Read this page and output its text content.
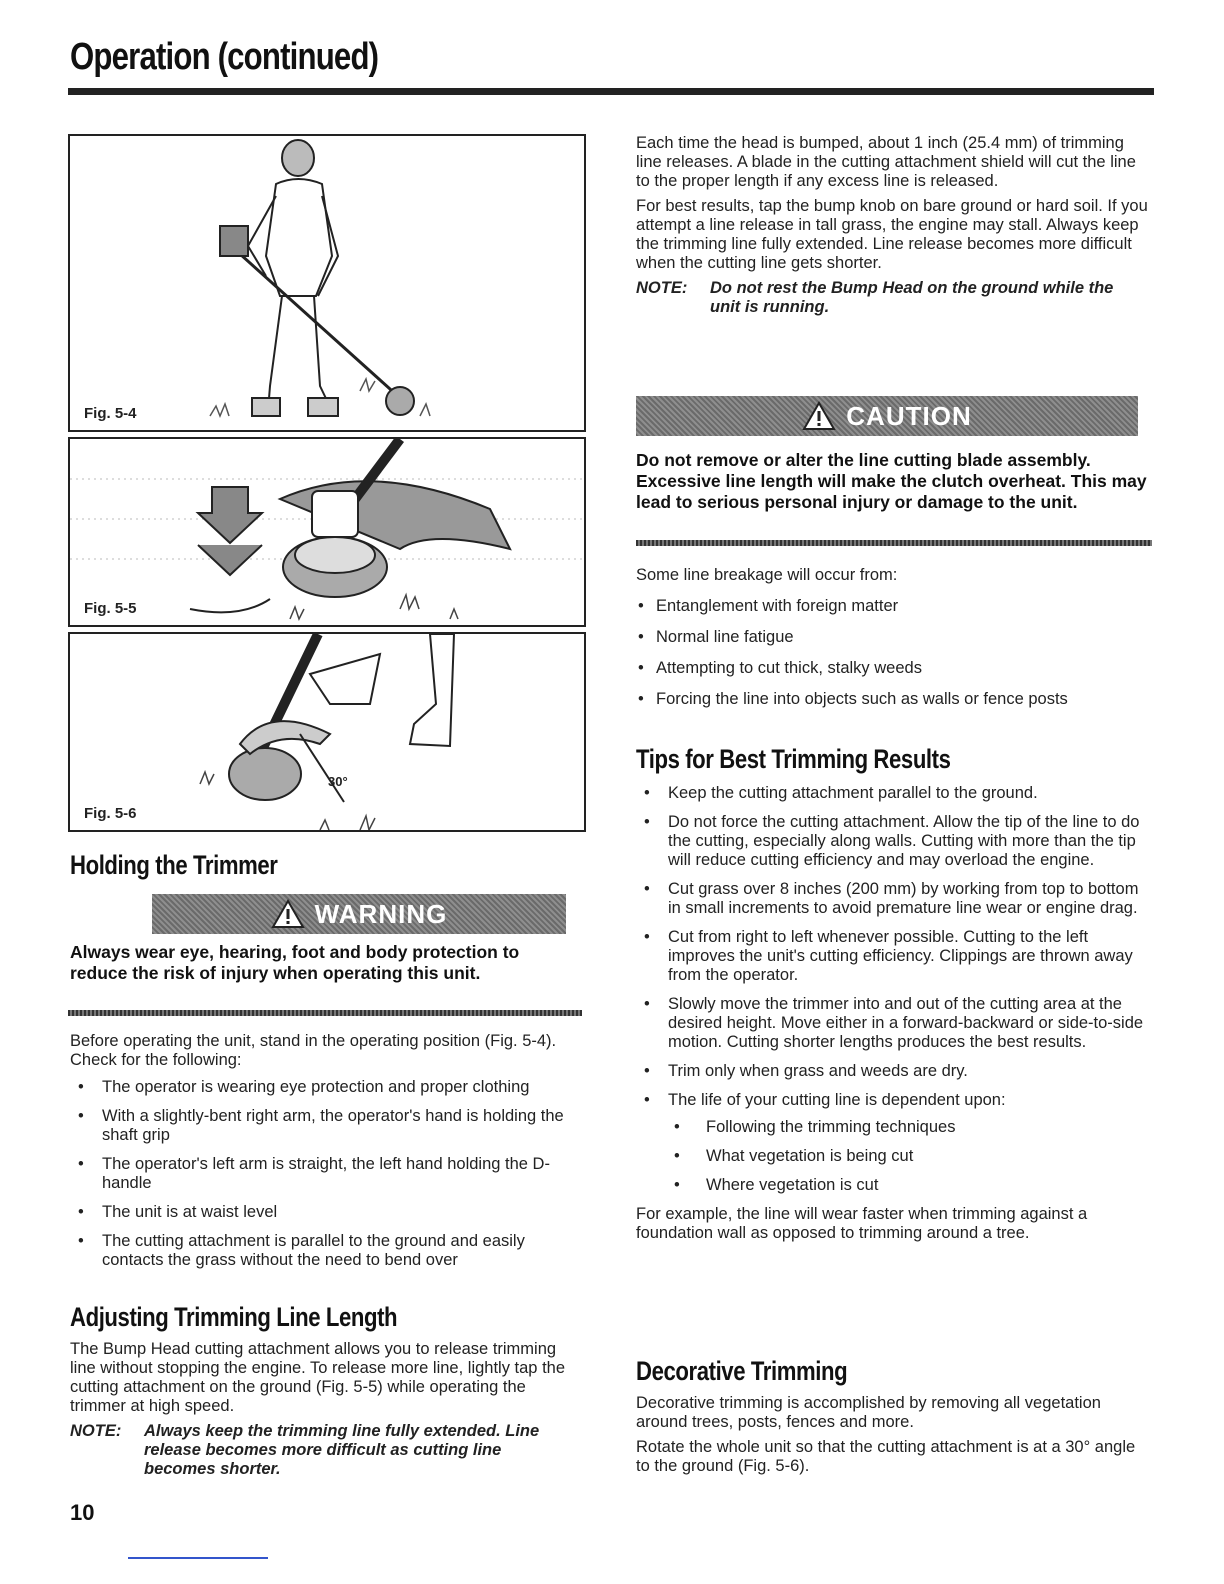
Operation (continued)
Fig. 5-4
Fig. 5-5
30°
Fig. 5-6
Holding the Trimmer
WARNING
Always wear eye, hearing, foot and body protection to reduce the risk of injury when operating this unit.

Before operating the unit, stand in the operating position (Fig. 5-4). Check for the following:

• The operator is wearing eye protection and proper clothing
• With a slightly-bent right arm, the operator's hand is holding the shaft grip
• The operator's left arm is straight, the left hand holding the D-handle
• The unit is at waist level
• The cutting attachment is parallel to the ground and easily contacts the grass without the need to bend over
Adjusting Trimming Line Length

The Bump Head cutting attachment allows you to release trimming line without stopping the engine. To release more line, lightly tap the cutting attachment on the ground (Fig. 5-5) while operating the trimmer at high speed.

NOTE:	Always keep the trimming line fully extended. Line release becomes more difficult as cutting line becomes shorter.

Each time the head is bumped, about 1 inch (25.4 mm) of trimming line releases. A blade in the cutting attachment shield will cut the line to the proper length if any excess line is released.

For best results, tap the bump knob on bare ground or hard soil. If you attempt a line release in tall grass, the engine may stall. Always keep the trimming line fully extended. Line release becomes more difficult when the cutting line gets shorter.

NOTE:	Do not rest the Bump Head on the ground while the unit is running.
CAUTION
Do not remove or alter the line cutting blade assembly. Excessive line length will make the clutch overheat. This may lead to serious personal injury or damage to the unit.

Some line breakage will occur from:

• Entanglement with foreign matter
• Normal line fatigue
• Attempting to cut thick, stalky weeds
• Forcing the line into objects such as walls or fence posts
Tips for Best Trimming Results
• Keep the cutting attachment parallel to the ground.
• Do not force the cutting attachment. Allow the tip of the line to do the cutting, especially along walls. Cutting with more than the tip will reduce cutting efficiency and may overload the engine.
• Cut grass over 8 inches (200 mm) by working from top to bottom in small increments to avoid premature line wear or engine drag.
• Cut from right to left whenever possible. Cutting to the left improves the unit's cutting efficiency. Clippings are thrown away from the operator.
• Slowly move the trimmer into and out of the cutting area at the desired height. Move either in a forward-backward or side-to-side motion. Cutting shorter lengths produces the best results.
• Trim only when grass and weeds are dry.
• The life of your cutting line is dependent upon:
• Following the trimming techniques
• What vegetation is being cut
• Where vegetation is cut

For example, the line will wear faster when trimming against a foundation wall as opposed to trimming around a tree.

Decorative Trimming

Decorative trimming is accomplished by removing all vegetation around trees, posts, fences and more.

Rotate the whole unit so that the cutting attachment is at a 30° angle to the ground (Fig. 5-6).

10
